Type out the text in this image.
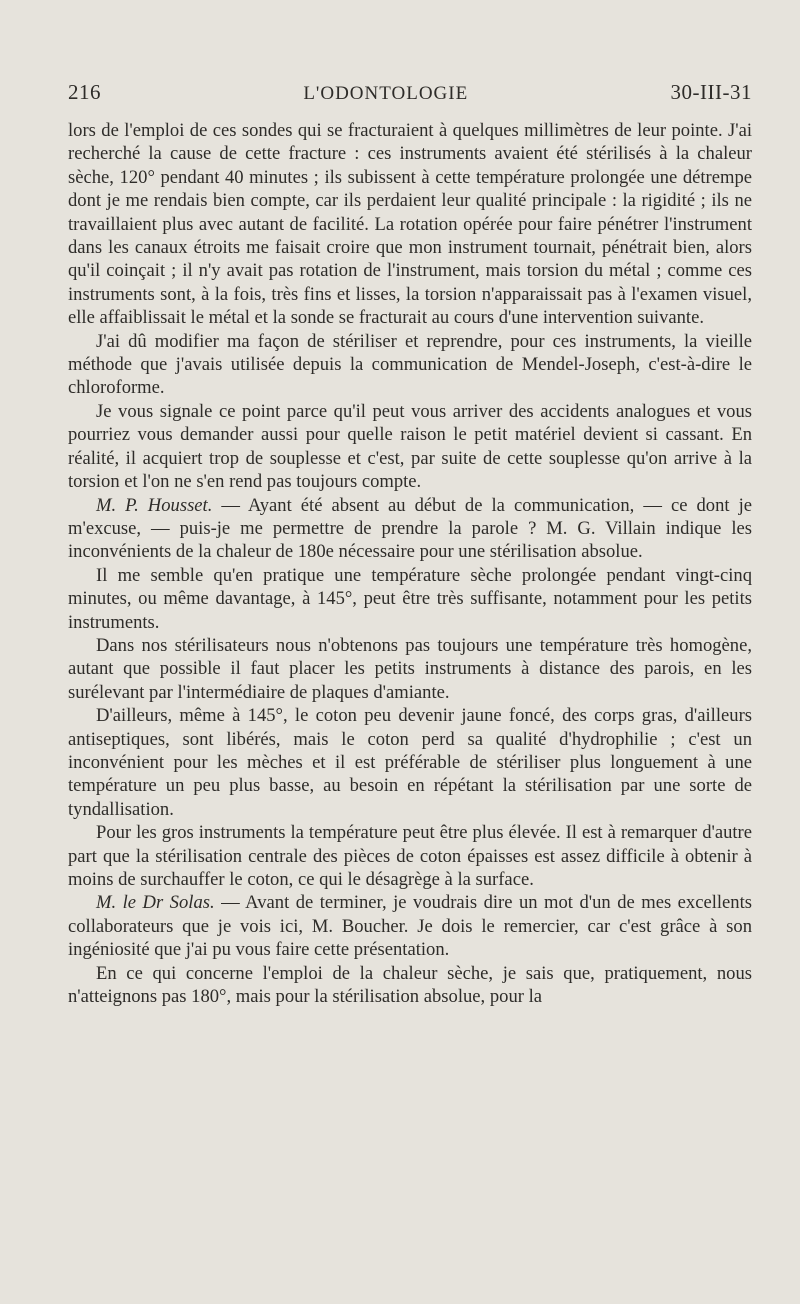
216	L'ODONTOLOGIE	30-III-31

lors de l'emploi de ces sondes qui se fracturaient à quelques millimètres de leur pointe. J'ai recherché la cause de cette fracture : ces instruments avaient été stérilisés à la chaleur sèche, 120° pendant 40 minutes ; ils subissent à cette température prolongée une détrempe dont je me rendais bien compte, car ils perdaient leur qualité principale : la rigidité ; ils ne travaillaient plus avec autant de facilité. La rotation opérée pour faire pénétrer l'instrument dans les canaux étroits me faisait croire que mon instrument tournait, pénétrait bien, alors qu'il coinçait ; il n'y avait pas rotation de l'instrument, mais torsion du métal ; comme ces instruments sont, à la fois, très fins et lisses, la torsion n'apparaissait pas à l'examen visuel, elle affaiblissait le métal et la sonde se fracturait au cours d'une intervention suivante.

J'ai dû modifier ma façon de stériliser et reprendre, pour ces instruments, la vieille méthode que j'avais utilisée depuis la communication de Mendel-Joseph, c'est-à-dire le chloroforme.

Je vous signale ce point parce qu'il peut vous arriver des accidents analogues et vous pourriez vous demander aussi pour quelle raison le petit matériel devient si cassant. En réalité, il acquiert trop de souplesse et c'est, par suite de cette souplesse qu'on arrive à la torsion et l'on ne s'en rend pas toujours compte.

M. P. Housset. — Ayant été absent au début de la communication, — ce dont je m'excuse, — puis-je me permettre de prendre la parole ? M. G. Villain indique les inconvénients de la chaleur de 180e nécessaire pour une stérilisation absolue.

Il me semble qu'en pratique une température sèche prolongée pendant vingt-cinq minutes, ou même davantage, à 145°, peut être très suffisante, notamment pour les petits instruments.

Dans nos stérilisateurs nous n'obtenons pas toujours une température très homogène, autant que possible il faut placer les petits instruments à distance des parois, en les surélevant par l'intermédiaire de plaques d'amiante.

D'ailleurs, même à 145°, le coton peu devenir jaune foncé, des corps gras, d'ailleurs antiseptiques, sont libérés, mais le coton perd sa qualité d'hydrophilie ; c'est un inconvénient pour les mèches et il est préférable de stériliser plus longuement à une température un peu plus basse, au besoin en répétant la stérilisation par une sorte de tyndallisation.

Pour les gros instruments la température peut être plus élevée. Il est à remarquer d'autre part que la stérilisation centrale des pièces de coton épaisses est assez difficile à obtenir à moins de surchauffer le coton, ce qui le désagrège à la surface.

M. le Dr Solas. — Avant de terminer, je voudrais dire un mot d'un de mes excellents collaborateurs que je vois ici, M. Boucher. Je dois le remercier, car c'est grâce à son ingéniosité que j'ai pu vous faire cette présentation.

En ce qui concerne l'emploi de la chaleur sèche, je sais que, pratiquement, nous n'atteignons pas 180°, mais pour la stérilisation absolue, pour la
